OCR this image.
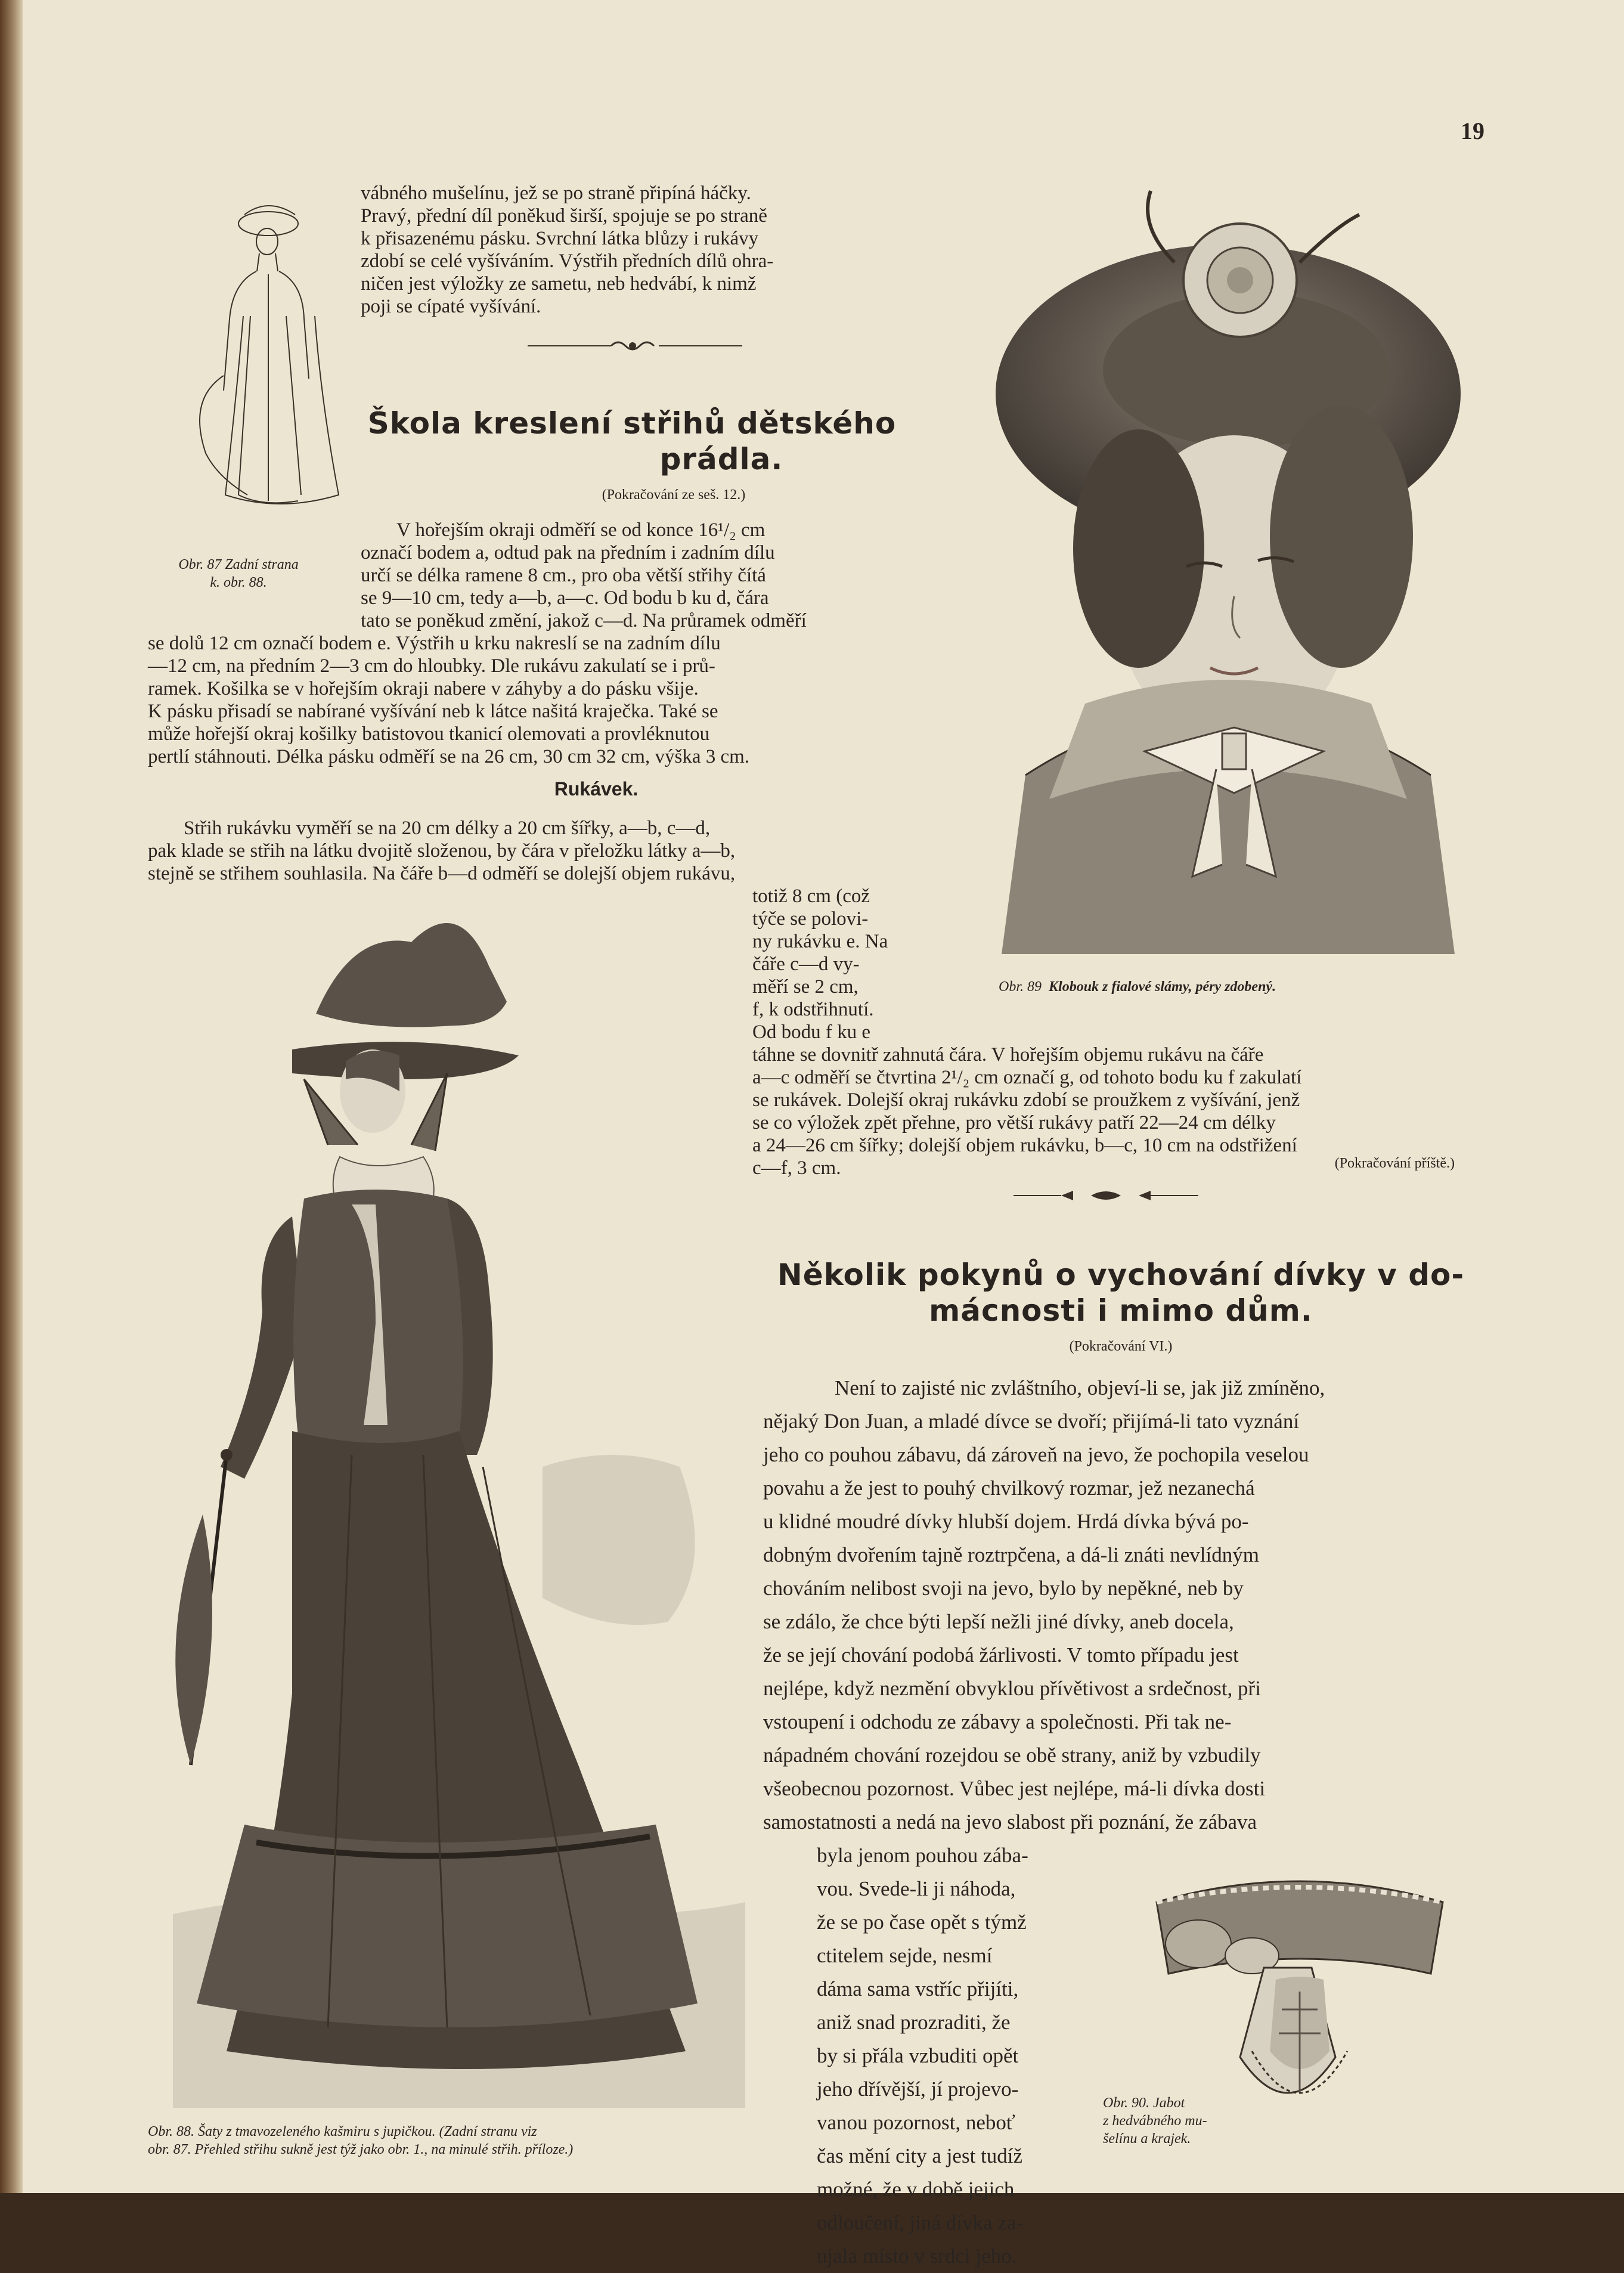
19
Obr. 87 Zadní strana
k. obr. 88.
vábného mušelínu, jež se po straně připíná háčky.
Pravý, přední díl poněkud širší, spojuje se po straně
k přisazenému pásku. Svrchní látka blůzy i rukávy
zdobí se celé vyšíváním. Výstřih předních dílů ohra-
ničen jest výložky ze sametu, neb hedvábí, k nimž
poji se cípaté vyšívání.
Škola kreslení střihů dětského
prádla.
(Pokračování ze seš. 12.)
V hořejším okraji odměří se od konce 16¹/₂ cm
označí bodem a, odtud pak na předním i zadním dílu
určí se délka ramene 8 cm., pro oba větší střihy čítá
se 9—10 cm, tedy a—b, a—c. Od bodu b ku d, čára
tato se poněkud změní, jakož c—d. Na průramek odměří
se dolů 12 cm označí bodem e. Výstřih u krku nakreslí se na zadním dílu
—12 cm, na předním 2—3 cm do hloubky. Dle rukávu zakulatí se i prů-
ramek. Košilka se v hořejším okraji nabere v záhyby a do pásku všije.
K pásku přisadí se nabírané vyšívání neb k látce našitá kraječka. Také se
může hořejší okraj košilky batistovou tkanicí olemovati a provléknutou
pertlí stáhnouti. Délka pásku odměří se na 26 cm, 30 cm 32 cm, výška 3 cm.
Rukávek.
Střih rukávku vyměří se na 20 cm délky a 20 cm šířky, a—b, c—d,
pak klade se střih na látku dvojitě složenou, by čára v přeložku látky a—b,
stejně se střihem souhlasila. Na čáře b—d odměří se dolejší objem rukávu,
totiž 8 cm (což
týče se polovi-
ny rukávku e. Na
čáře c—d vy-
měří se 2 cm,
f, k odstřihnutí.
Od bodu f ku e
táhne se dovnitř zahnutá čára. V hořejším objemu rukávu na čáře
a—c odměří se čtvrtina 2¹/₂ cm označí g, od tohoto bodu ku f zakulatí
se rukávek. Dolejší okraj rukávku zdobí se proužkem z vyšívání, jenž
se co výložek zpět přehne, pro větší rukávy patří 22—24 cm délky
a 24—26 cm šířky; dolejší objem rukávku, b—c, 10 cm na odstřižení
c—f, 3 cm.	(Pokračování příště.)
Obr. 89 Klobouk z fialové slámy, péry zdobený.
Obr. 88. Šaty z tmavozeleného kašmiru s jupičkou. (Zadní stranu viz
obr. 87. Přehled střihu sukně jest týž jako obr. 1., na minulé střih. příloze.)
Několik pokynů o vychování dívky v do-
mácnosti i mimo dům.
(Pokračování VI.)
Není to zajisté nic zvláštního, objeví-li se, jak již zmíněno,
nějaký Don Juan, a mladé dívce se dvoří; přijímá-li tato vyznání
jeho co pouhou zábavu, dá zároveň na jevo, že pochopila veselou
povahu a že jest to pouhý chvilkový rozmar, jež nezanechá
u klidné moudré dívky hlubší dojem. Hrdá dívka bývá po-
dobným dvořením tajně roztrpčena, a dá-li znáti nevlídným
chováním nelibost svoji na jevo, bylo by nepěkné, neb by
se zdálo, že chce býti lepší nežli jiné dívky, aneb docela,
že se její chování podobá žárlivosti. V tomto případu jest
nejlépe, když nezmění obvyklou přívětivost a srdečnost, při
vstoupení i odchodu ze zábavy a společnosti. Při tak ne-
nápadném chování rozejdou se obě strany, aniž by vzbudily
všeobecnou pozornost. Vůbec jest nejlépe, má-li dívka dosti
samostatnosti a nedá na jevo slabost při poznání, že zábava
byla jenom pouhou zába-
vou. Svede-li ji náhoda,
že se po čase opět s týmž
ctitelem sejde, nesmí
dáma sama vstříc přijíti,
aniž snad prozraditi, že
by si přála vzbuditi opět
jeho dřívější, jí projevo-
vanou pozornost, neboť
čas mění city a jest tudíž
možné, že v době jejich
odloučení, jiná dívka za-
ujala místo v srdci jeho.
Obr. 90. Jabot
z hedvábného mu-
šelínu a krajek.
